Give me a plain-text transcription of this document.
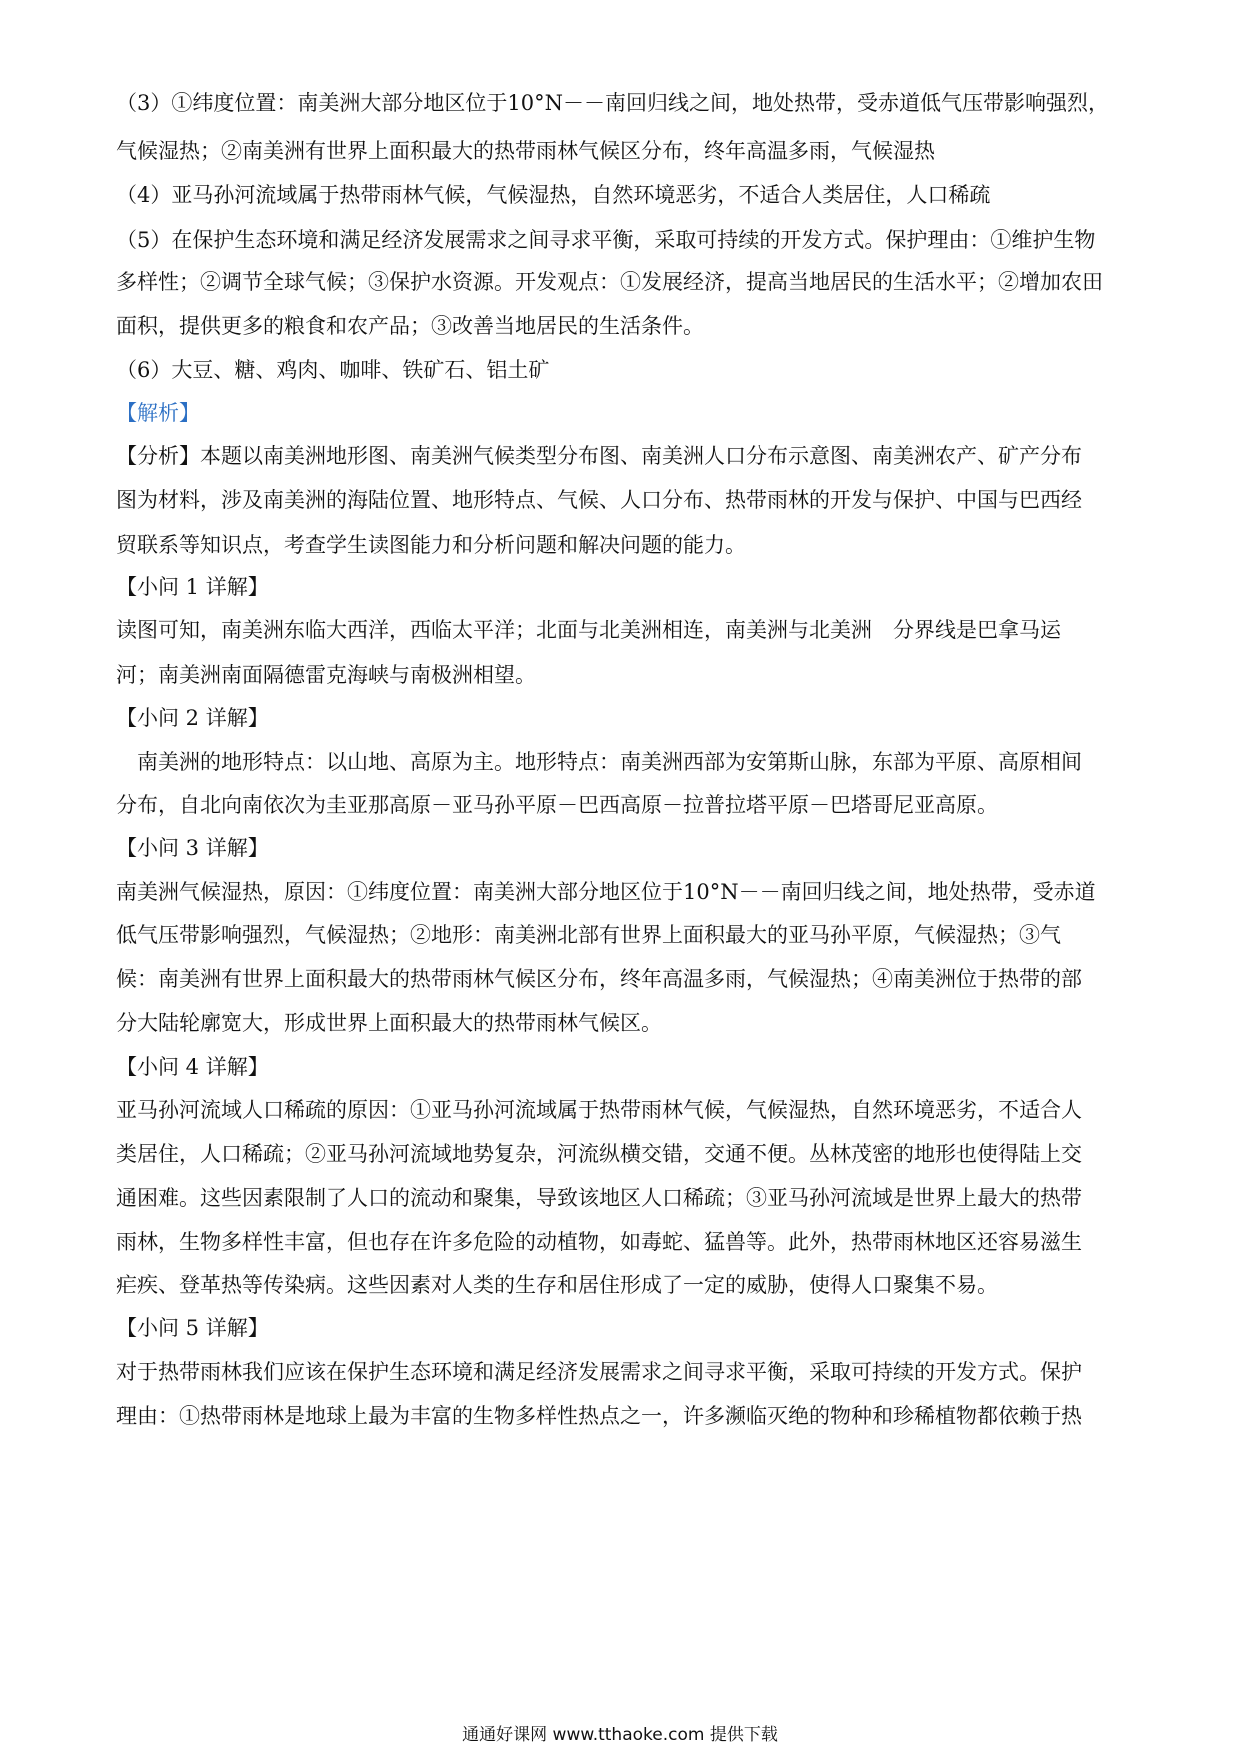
（3）①纬度位置：南美洲大部分地区位于10°N－－南回归线之间，地处热带，受赤道低气压带影响强烈，
气候湿热；②南美洲有世界上面积最大的热带雨林气候区分布，终年高温多雨，气候湿热
（4）亚马孙河流域属于热带雨林气候，气候湿热，自然环境恶劣，不适合人类居住，人口稀疏
（5）在保护生态环境和满足经济发展需求之间寻求平衡，采取可持续的开发方式。保护理由：①维护生物
多样性；②调节全球气候；③保护水资源。开发观点：①发展经济，提高当地居民的生活水平；②增加农田
面积，提供更多的粮食和农产品；③改善当地居民的生活条件。
（6）大豆、糖、鸡肉、咖啡、铁矿石、铝土矿
【解析】
【分析】本题以南美洲地形图、南美洲气候类型分布图、南美洲人口分布示意图、南美洲农产、矿产分布
图为材料，涉及南美洲的海陆位置、地形特点、气候、人口分布、热带雨林的开发与保护、中国与巴西经
贸联系等知识点，考查学生读图能力和分析问题和解决问题的能力。
【小问 1 详解】
读图可知，南美洲东临大西洋，西临太平洋；北面与北美洲相连，南美洲与北美洲　分界线是巴拿马运
河；南美洲南面隔德雷克海峡与南极洲相望。
【小问 2 详解】
　南美洲的地形特点：以山地、高原为主。地形特点：南美洲西部为安第斯山脉，东部为平原、高原相间
分布，自北向南依次为圭亚那高原－亚马孙平原－巴西高原－拉普拉塔平原－巴塔哥尼亚高原。
【小问 3 详解】
南美洲气候湿热，原因：①纬度位置：南美洲大部分地区位于10°N－－南回归线之间，地处热带，受赤道
低气压带影响强烈，气候湿热；②地形：南美洲北部有世界上面积最大的亚马孙平原，气候湿热；③气
候：南美洲有世界上面积最大的热带雨林气候区分布，终年高温多雨，气候湿热；④南美洲位于热带的部
分大陆轮廓宽大，形成世界上面积最大的热带雨林气候区。
【小问 4 详解】
亚马孙河流域人口稀疏的原因：①亚马孙河流域属于热带雨林气候，气候湿热，自然环境恶劣，不适合人
类居住，人口稀疏；②亚马孙河流域地势复杂，河流纵横交错，交通不便。丛林茂密的地形也使得陆上交
通困难。这些因素限制了人口的流动和聚集，导致该地区人口稀疏；③亚马孙河流域是世界上最大的热带
雨林，生物多样性丰富，但也存在许多危险的动植物，如毒蛇、猛兽等。此外，热带雨林地区还容易滋生
疟疾、登革热等传染病。这些因素对人类的生存和居住形成了一定的威胁，使得人口聚集不易。
【小问 5 详解】
对于热带雨林我们应该在保护生态环境和满足经济发展需求之间寻求平衡，采取可持续的开发方式。保护
理由：①热带雨林是地球上最为丰富的生物多样性热点之一，许多濒临灭绝的物种和珍稀植物都依赖于热
通通好课网 www.tthaoke.com 提供下载
